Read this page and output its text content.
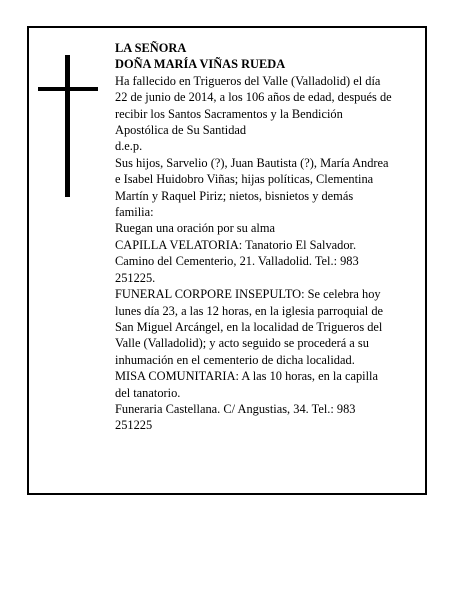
LA SEÑORA

DOÑA MARÍA VIÑAS RUEDA

Ha fallecido en Trigueros del Valle (Valladolid) el día
22 de junio de 2014, a los 106 años de edad, después de
recibir los Santos Sacramentos y la Bendición
Apostólica de Su Santidad

d.e.p.

Sus hijos, Sarvelio (?), Juan Bautista (?), María Andrea
e Isabel Huidobro Viñas; hijas políticas, Clementina
Martín y Raquel Piriz; nietos, bisnietos y demás
familia:

Ruegan una oración por su alma

CAPILLA VELATORIA: Tanatorio El Salvador.
Camino del Cementerio, 21. Valladolid. Tel.: 983
251225.

FUNERAL CORPORE INSEPULTO: Se celebra hoy
lunes día 23, a las 12 horas, en la iglesia parroquial de
San Miguel Arcángel, en la localidad de Trigueros del
Valle (Valladolid); y acto seguido se procederá a su
inhumación en el cementerio de dicha localidad.

MISA COMUNITARIA: A las 10 horas, en la capilla
del tanatorio.

Funeraria Castellana. C/ Angustias, 34. Tel.: 983
251225
